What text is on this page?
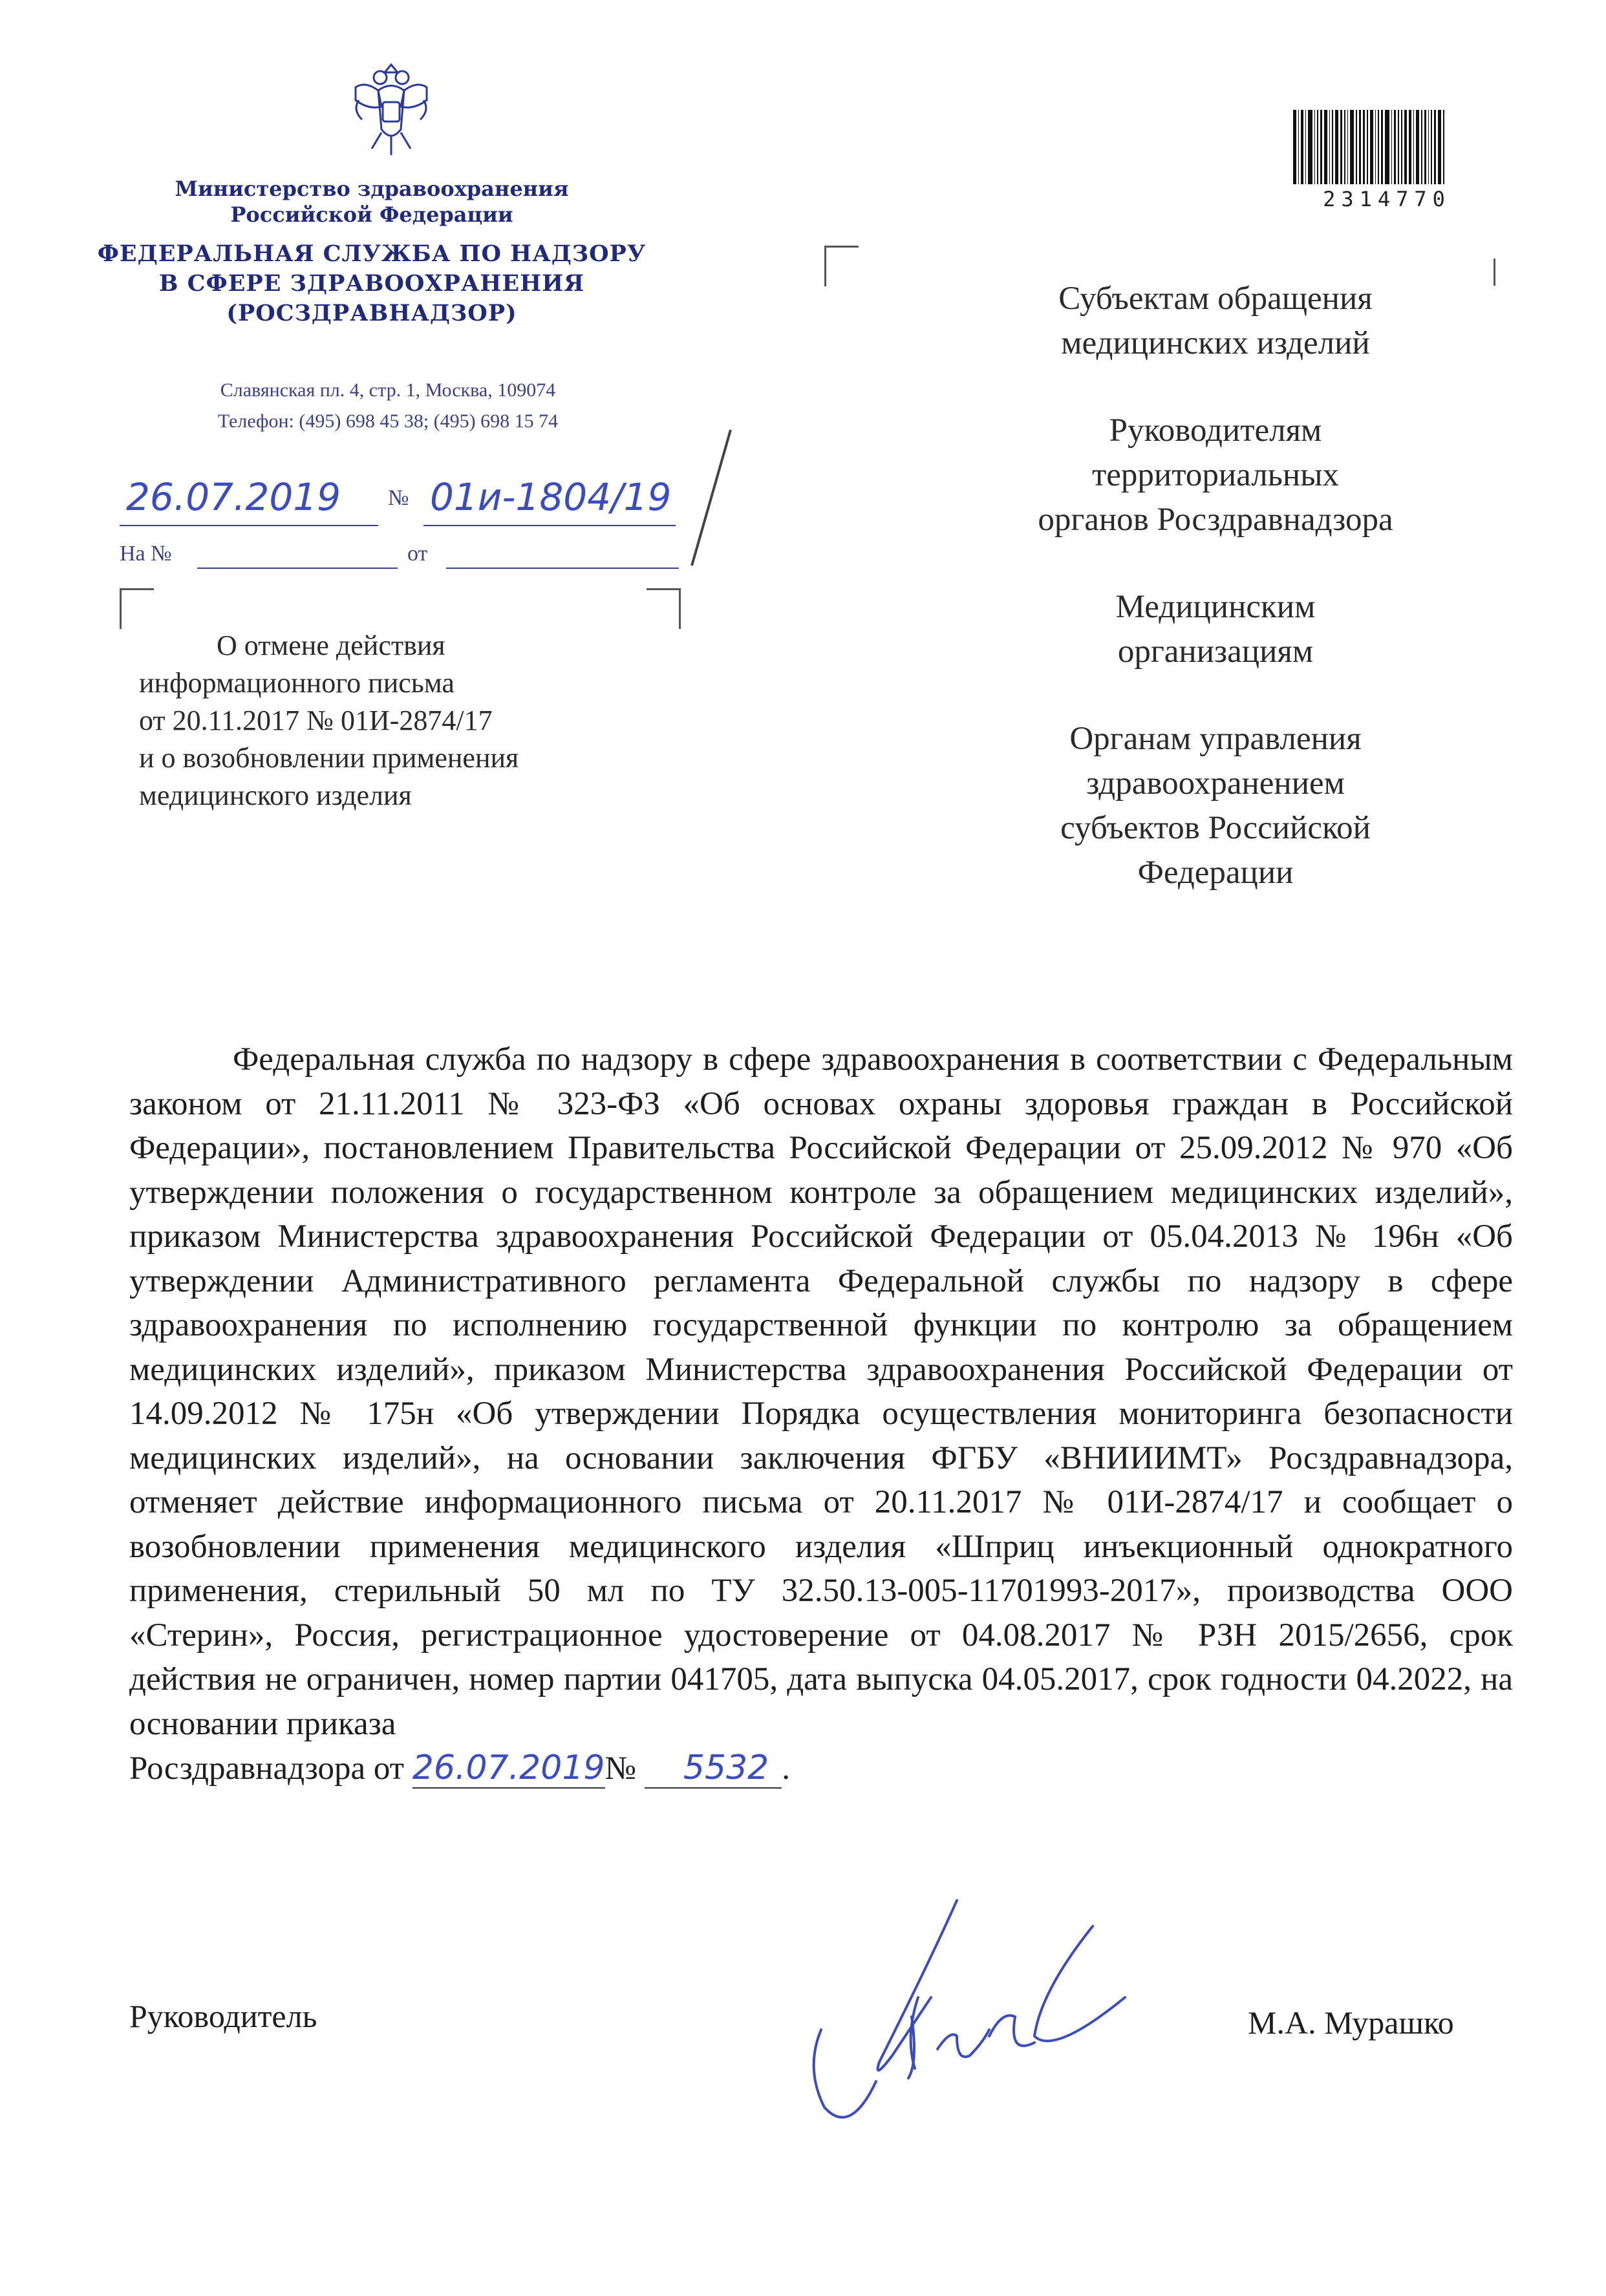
Министерство здравоохранения
Российской Федерации
ФЕДЕРАЛЬНАЯ СЛУЖБА ПО НАДЗОРУ
В СФЕРЕ ЗДРАВООХРАНЕНИЯ
(РОСЗДРАВНАДЗОР)
Славянская пл. 4, стр. 1, Москва, 109074
Телефон: (495) 698 45 38; (495) 698 15 74
26.07.2019 № 01и-1804/19
На №	от
О отмене действия
информационного письма
от 20.11.2017 № 01И-2874/17
и о возобновлении применения
медицинского изделия
2314770

Субъектам обращения
медицинских изделий

Руководителям
территориальных
органов Росздравнадзора

Медицинским
организациям

Органам управления
здравоохранением
субъектов Российской
Федерации

Федеральная служба по надзору в сфере здравоохранения в соответствии с Федеральным законом от 21.11.2011 № 323-ФЗ «Об основах охраны здоровья граждан в Российской Федерации», постановлением Правительства Российской Федерации от 25.09.2012 № 970 «Об утверждении положения о государственном контроле за обращением медицинских изделий», приказом Министерства здравоохранения Российской Федерации от 05.04.2013 № 196н «Об утверждении Административного регламента Федеральной службы по надзору в сфере здравоохранения по исполнению государственной функции по контролю за обращением медицинских изделий», приказом Министерства здравоохранения Российской Федерации от 14.09.2012 № 175н «Об утверждении Порядка осуществления мониторинга безопасности медицинских изделий», на основании заключения ФГБУ «ВНИИИМТ» Росздравнадзора, отменяет действие информационного письма от 20.11.2017 № 01И-2874/17 и сообщает о возобновлении применения медицинского изделия «Шприц инъекционный однократного применения, стерильный 50 мл по ТУ 32.50.13-005-11701993-2017», производства ООО «Стерин», Россия, регистрационное удостоверение от 04.08.2017 № РЗН 2015/2656, срок действия не ограничен, номер партии 041705, дата выпуска 04.05.2017, срок годности 04.2022, на основании приказа

Росздравнадзора от 26.07.2019№ 5532 .
Руководитель	М.А. Мурашко
